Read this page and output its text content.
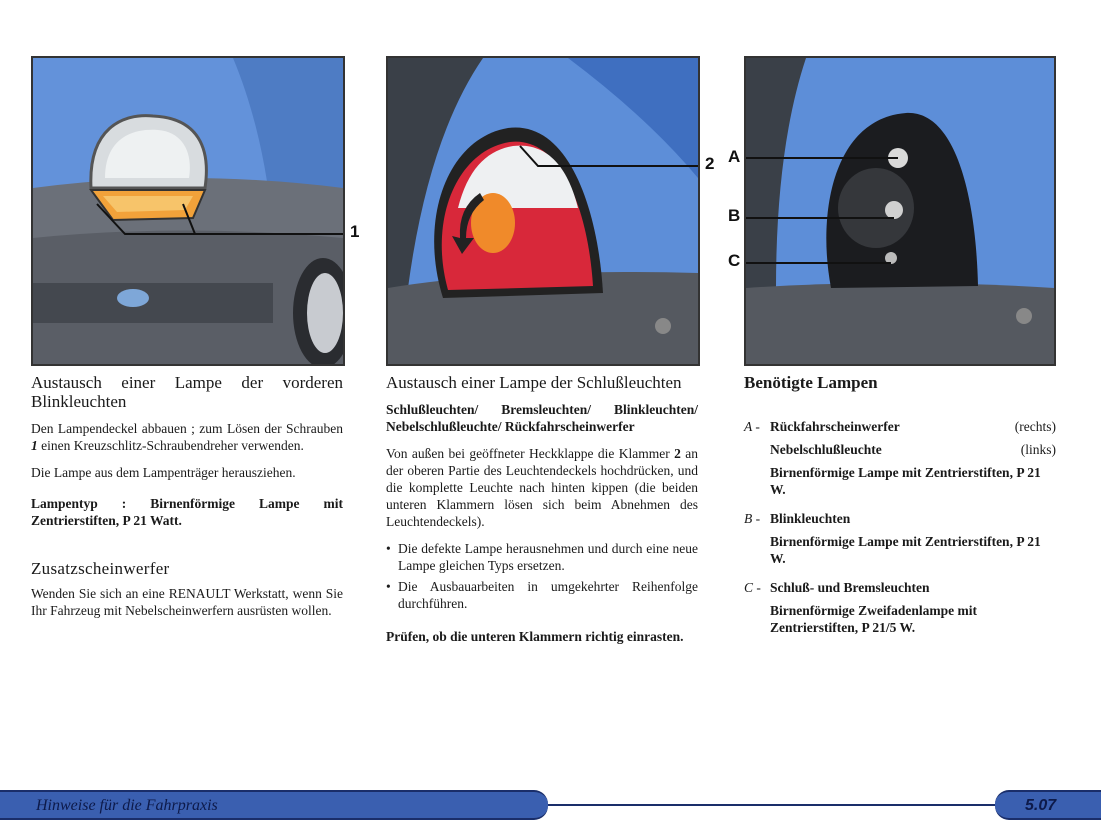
1
2 A
B
C
Austausch einer Lampe der vorderen Blinkleuchten

Den Lampendeckel abbauen ; zum Lösen der Schrauben 1 einen Kreuzschlitz-Schraubendreher verwenden.

Die Lampe aus dem Lampenträger herausziehen.

Lampentyp : Birnenförmige Lampe mit Zentrierstiften, P 21 Watt.

Zusatzscheinwerfer

Wenden Sie sich an eine RENAULT Werkstatt, wenn Sie Ihr Fahrzeug mit Nebelscheinwerfern ausrüsten wollen.

Austausch einer Lampe der Schlußleuchten

Schlußleuchten/ Bremsleuchten/ Blinkleuchten/ Nebelschlußleuchte/ Rückfahrscheinwerfer

Von außen bei geöffneter Heckklappe die Klammer 2 an der oberen Partie des Leuchtendeckels hochdrücken, und die komplette Leuchte nach hinten kippen (die beiden unteren Klammern lösen sich beim Abnehmen des Leuchtendeckels).

• Die defekte Lampe herausnehmen und durch eine neue Lampe gleichen Typs ersetzen.
• Die Ausbauarbeiten in umgekehrter Reihenfolge durchführen.

Prüfen, ob die unteren Klammern richtig einrasten.

Benötigte Lampen
A - Rückfahrscheinwerfer	(rechts)
Nebelschlußleuchte	(links)
Birnenförmige Lampe mit Zentrierstiften, P 21 W.
B - Blinkleuchten
Birnenförmige Lampe mit Zentrierstiften, P 21 W.
C - Schluß- und Bremsleuchten
Birnenförmige Zweifadenlampe mit Zentrierstiften, P 21/5 W.
Hinweise für die Fahrpraxis	5.07
